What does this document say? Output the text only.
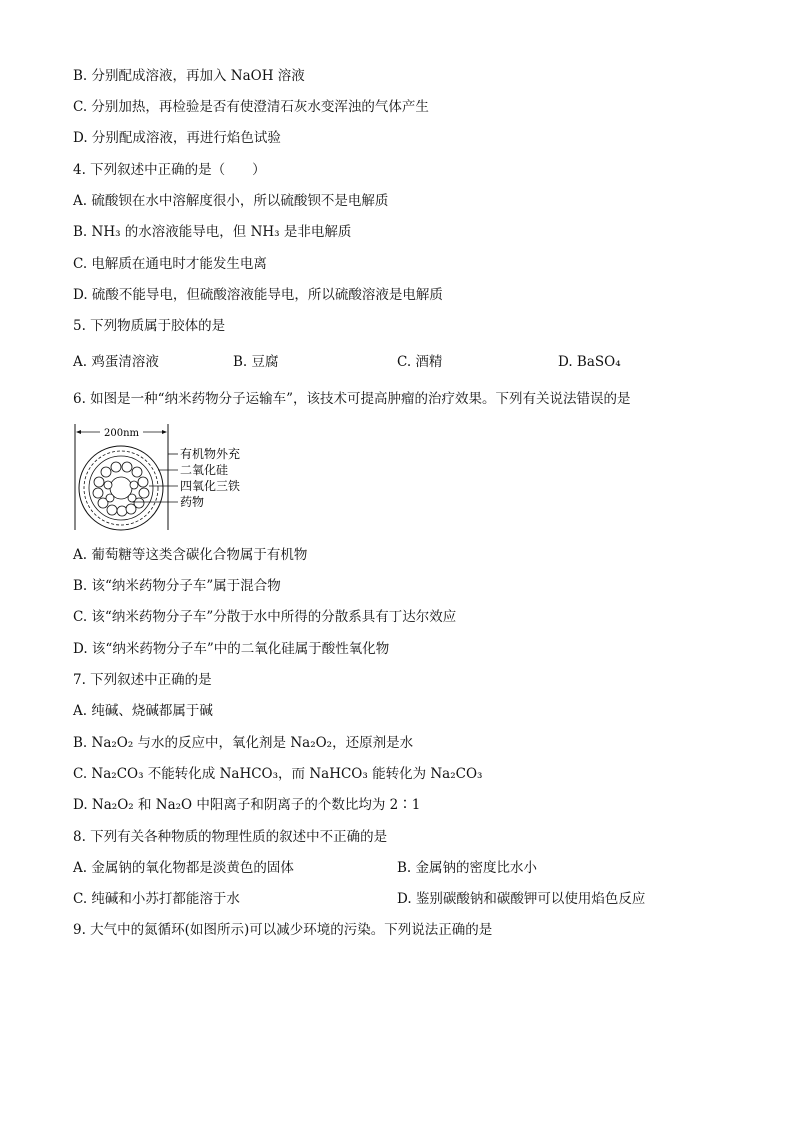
B. 分别配成溶液，再加入 NaOH 溶液
C. 分别加热，再检验是否有使澄清石灰水变浑浊的气体产生
D. 分别配成溶液，再进行焰色试验
4. 下列叙述中正确的是（　　）
A. 硫酸钡在水中溶解度很小，所以硫酸钡不是电解质
B. NH₃ 的水溶液能导电，但 NH₃ 是非电解质
C. 电解质在通电时才能发生电离
D. 硫酸不能导电，但硫酸溶液能导电，所以硫酸溶液是电解质
5. 下列物质属于胶体的是
A. 鸡蛋清溶液	B. 豆腐	C. 酒精	D. BaSO₄
6. 如图是一种“纳米药物分子运输车”，该技术可提高肿瘤的治疗效果。下列有关说法错误的是
200nm
有机物外充
二氧化硅
四氧化三铁
药物
A. 葡萄糖等这类含碳化合物属于有机物
B. 该“纳米药物分子车”属于混合物
C. 该“纳米药物分子车”分散于水中所得的分散系具有丁达尔效应
D. 该“纳米药物分子车”中的二氧化硅属于酸性氧化物
7. 下列叙述中正确的是
A. 纯碱、烧碱都属于碱
B. Na₂O₂ 与水的反应中，氧化剂是 Na₂O₂，还原剂是水
C. Na₂CO₃ 不能转化成 NaHCO₃，而 NaHCO₃ 能转化为 Na₂CO₃
D. Na₂O₂ 和 Na₂O 中阳离子和阴离子的个数比均为 2∶1
8. 下列有关各种物质的物理性质的叙述中不正确的是
A. 金属钠的氧化物都是淡黄色的固体	B. 金属钠的密度比水小
C. 纯碱和小苏打都能溶于水	D. 鉴别碳酸钠和碳酸钾可以使用焰色反应
9. 大气中的氮循环(如图所示)可以减少环境的污染。下列说法正确的是
